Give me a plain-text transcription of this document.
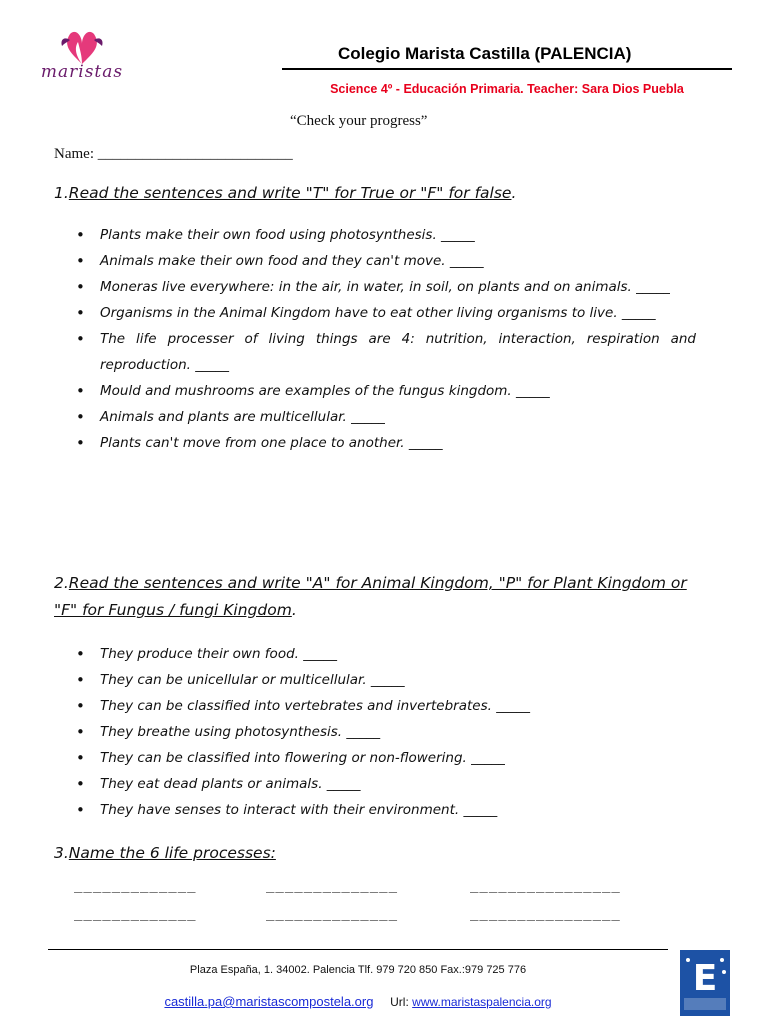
maristas
Colegio Marista Castilla (PALENCIA)
Science 4º - Educación Primaria. Teacher: Sara Dios Puebla
“Check your progress”
Name: __________________________
1.Read the sentences and write "T" for True or "F" for false.
• Plants make their own food using photosynthesis. _____
• Animals make their own food and they can't move. _____
• Moneras live everywhere: in the air, in water, in soil, on plants and on animals. _____
• Organisms in the Animal Kingdom have to eat other living organisms to live. _____
• The life processer of living things are 4: nutrition, interaction, respiration and reproduction. _____
• Mould and mushrooms are examples of the fungus kingdom. _____
• Animals and plants are multicellular. _____
• Plants can't move from one place to another. _____
2.Read the sentences and write "A" for Animal Kingdom, "P" for Plant Kingdom or "F" for Fungus / fungi Kingdom.
• They produce their own food. _____
• They can be unicellular or multicellular. _____
• They can be classified into vertebrates and invertebrates. _____
• They breathe using photosynthesis. _____
• They can be classified into flowering or non-flowering. _____
• They eat dead plants or animals. _____
• They have senses to interact with their environment. _____
3.Name the 6 life processes:
_____________	______________	________________
_____________	______________	________________
Plaza España, 1. 34002. Palencia Tlf. 979 720 850 Fax.:979 725 776
castilla.pa@maristascompostela.org Url: www.maristaspalencia.org
E
